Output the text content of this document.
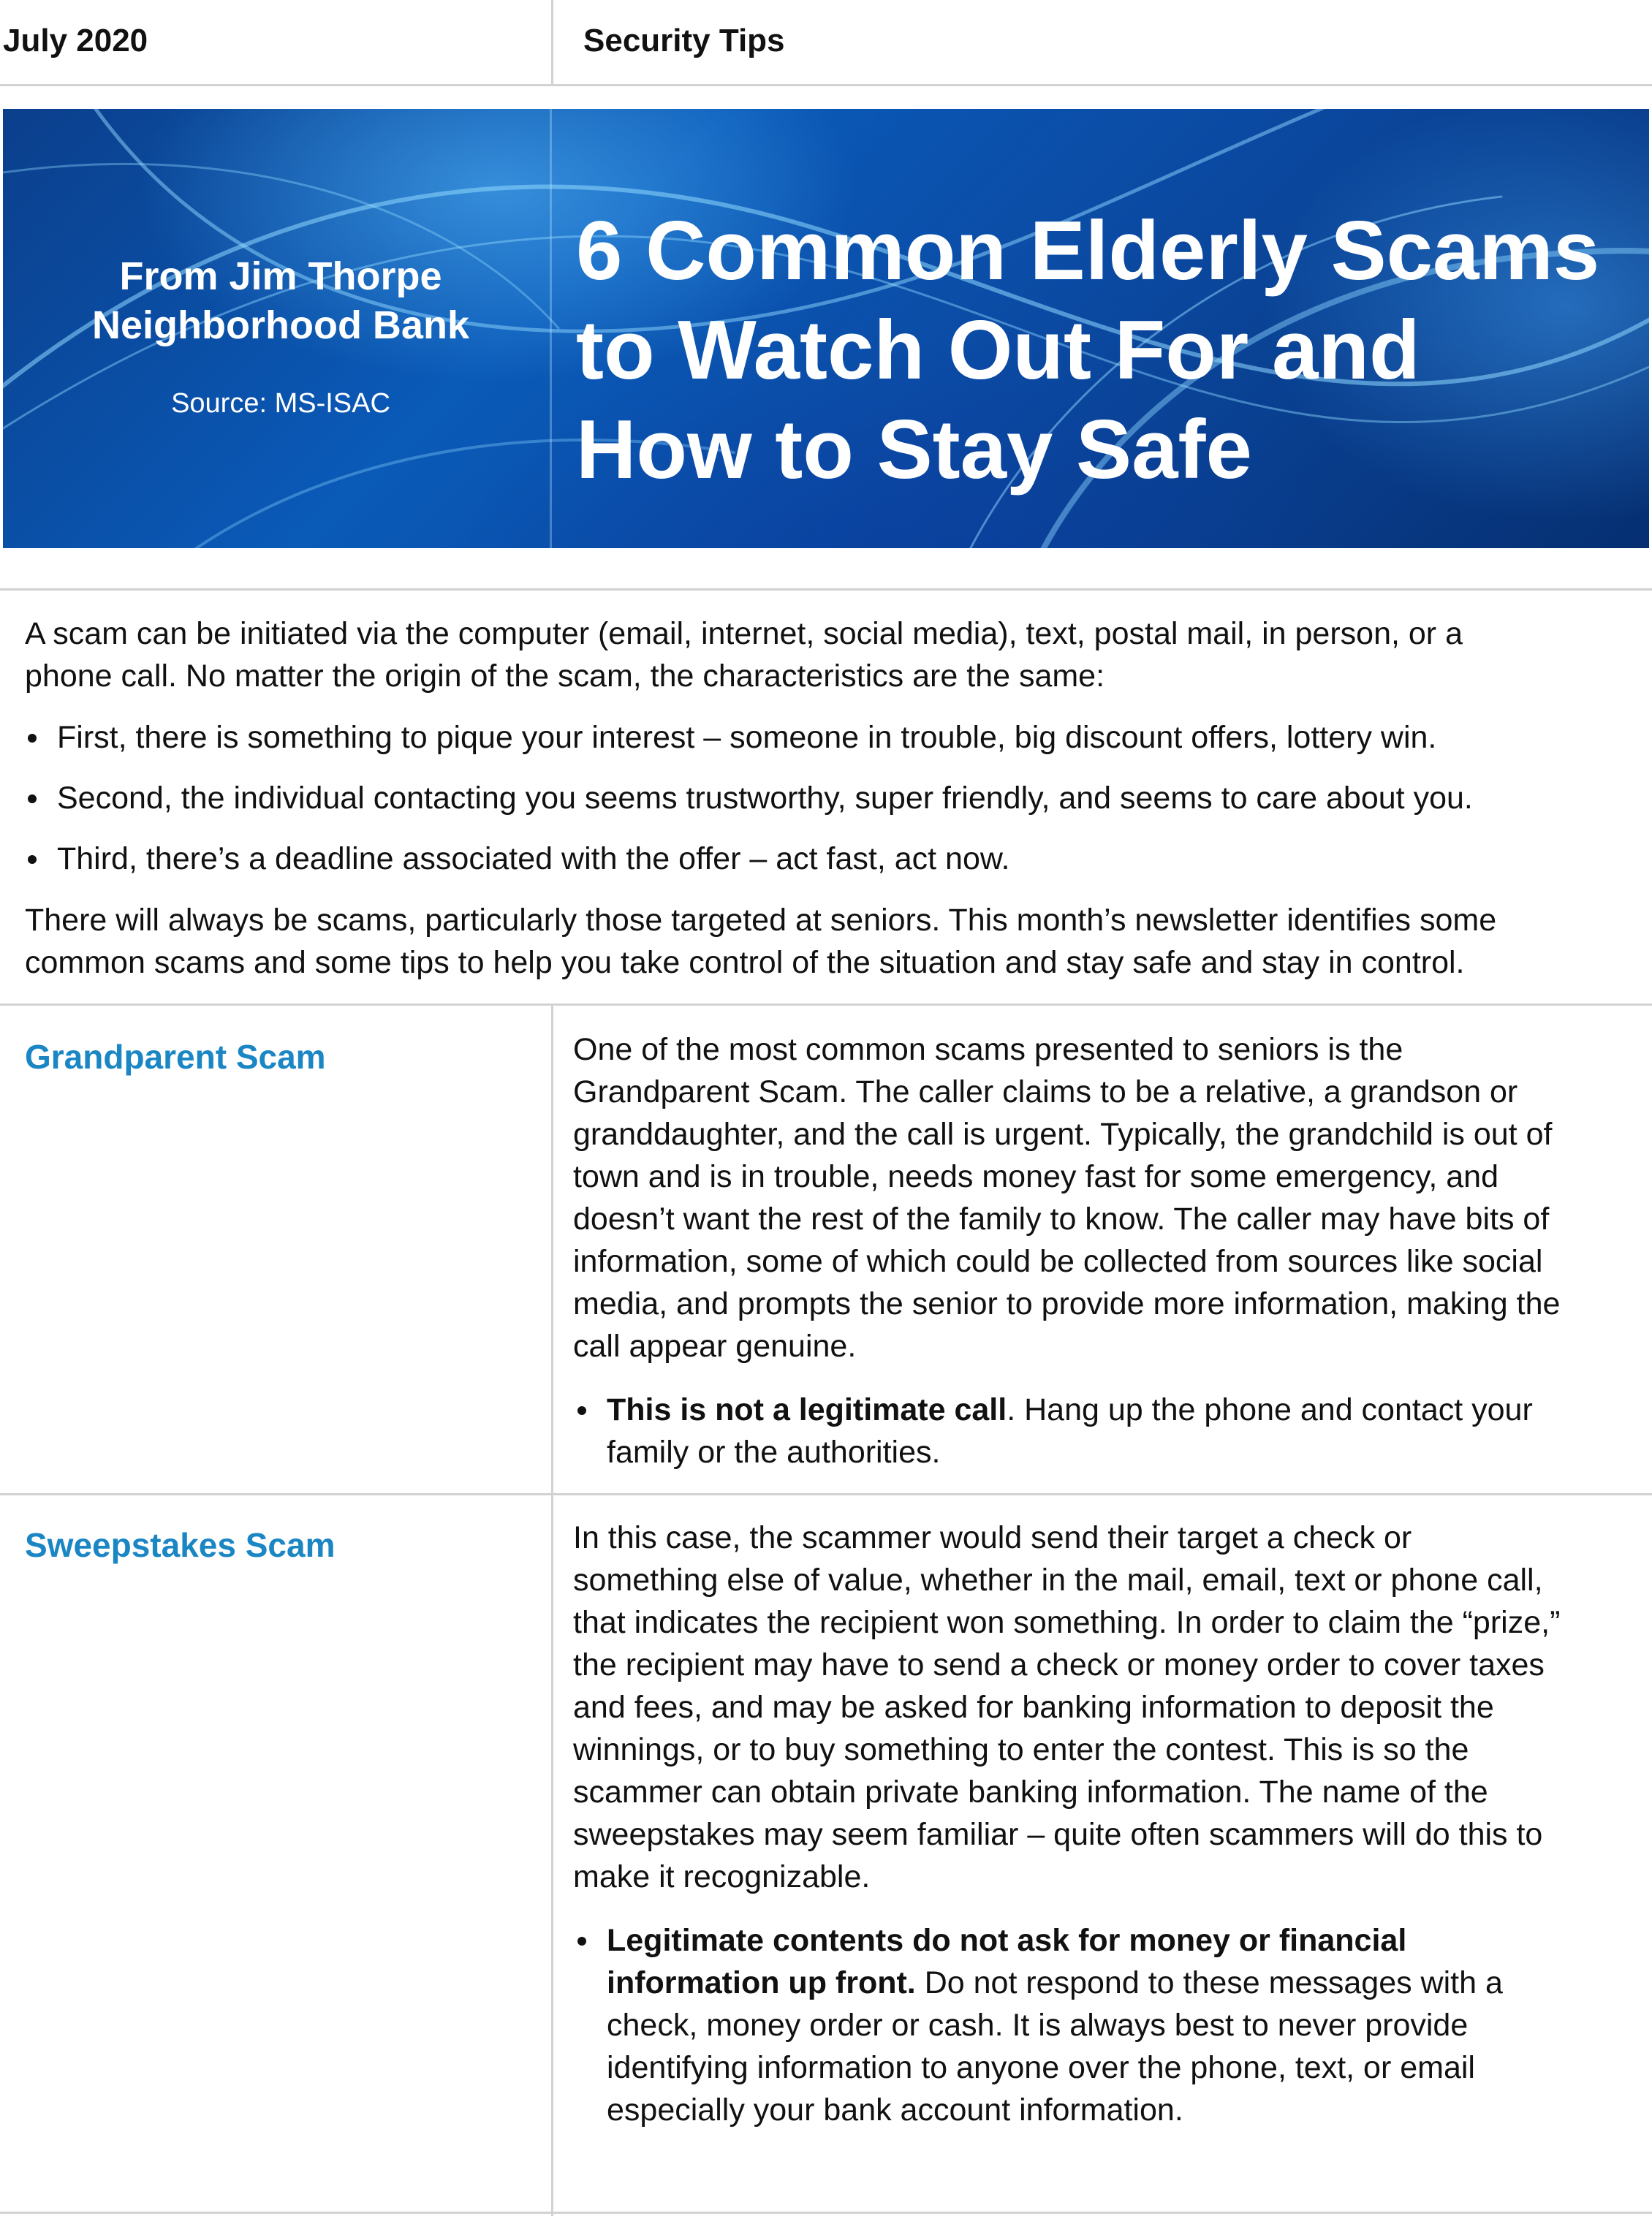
July 2020	Security Tips
From Jim Thorpe
Neighborhood Bank
Source: MS-ISAC
6 Common Elderly Scams
to Watch Out For and
How to Stay Safe
A scam can be initiated via the computer (email, internet, social media), text, postal mail, in person, or a
phone call. No matter the origin of the scam, the characteristics are the same:
First, there is something to pique your interest – someone in trouble, big discount offers, lottery win.
Second, the individual contacting you seems trustworthy, super friendly, and seems to care about you.
Third, there’s a deadline associated with the offer – act fast, act now.
There will always be scams, particularly those targeted at seniors. This month’s newsletter identifies some
common scams and some tips to help you take control of the situation and stay safe and stay in control.
Grandparent Scam	One of the most common scams presented to seniors is the
Grandparent Scam. The caller claims to be a relative, a grandson or
granddaughter, and the call is urgent. Typically, the grandchild is out of
town and is in trouble, needs money fast for some emergency, and
doesn’t want the rest of the family to know. The caller may have bits of
information, some of which could be collected from sources like social
media, and prompts the senior to provide more information, making the
call appear genuine.
This is not a legitimate call. Hang up the phone and contact your
family or the authorities.
Sweepstakes Scam	In this case, the scammer would send their target a check or
something else of value, whether in the mail, email, text or phone call,
that indicates the recipient won something. In order to claim the “prize,”
the recipient may have to send a check or money order to cover taxes
and fees, and may be asked for banking information to deposit the
winnings, or to buy something to enter the contest. This is so the
scammer can obtain private banking information. The name of the
sweepstakes may seem familiar – quite often scammers will do this to
make it recognizable.
Legitimate contents do not ask for money or financial
information up front. Do not respond to these messages with a
check, money order or cash. It is always best to never provide
identifying information to anyone over the phone, text, or email
especially your bank account information.
